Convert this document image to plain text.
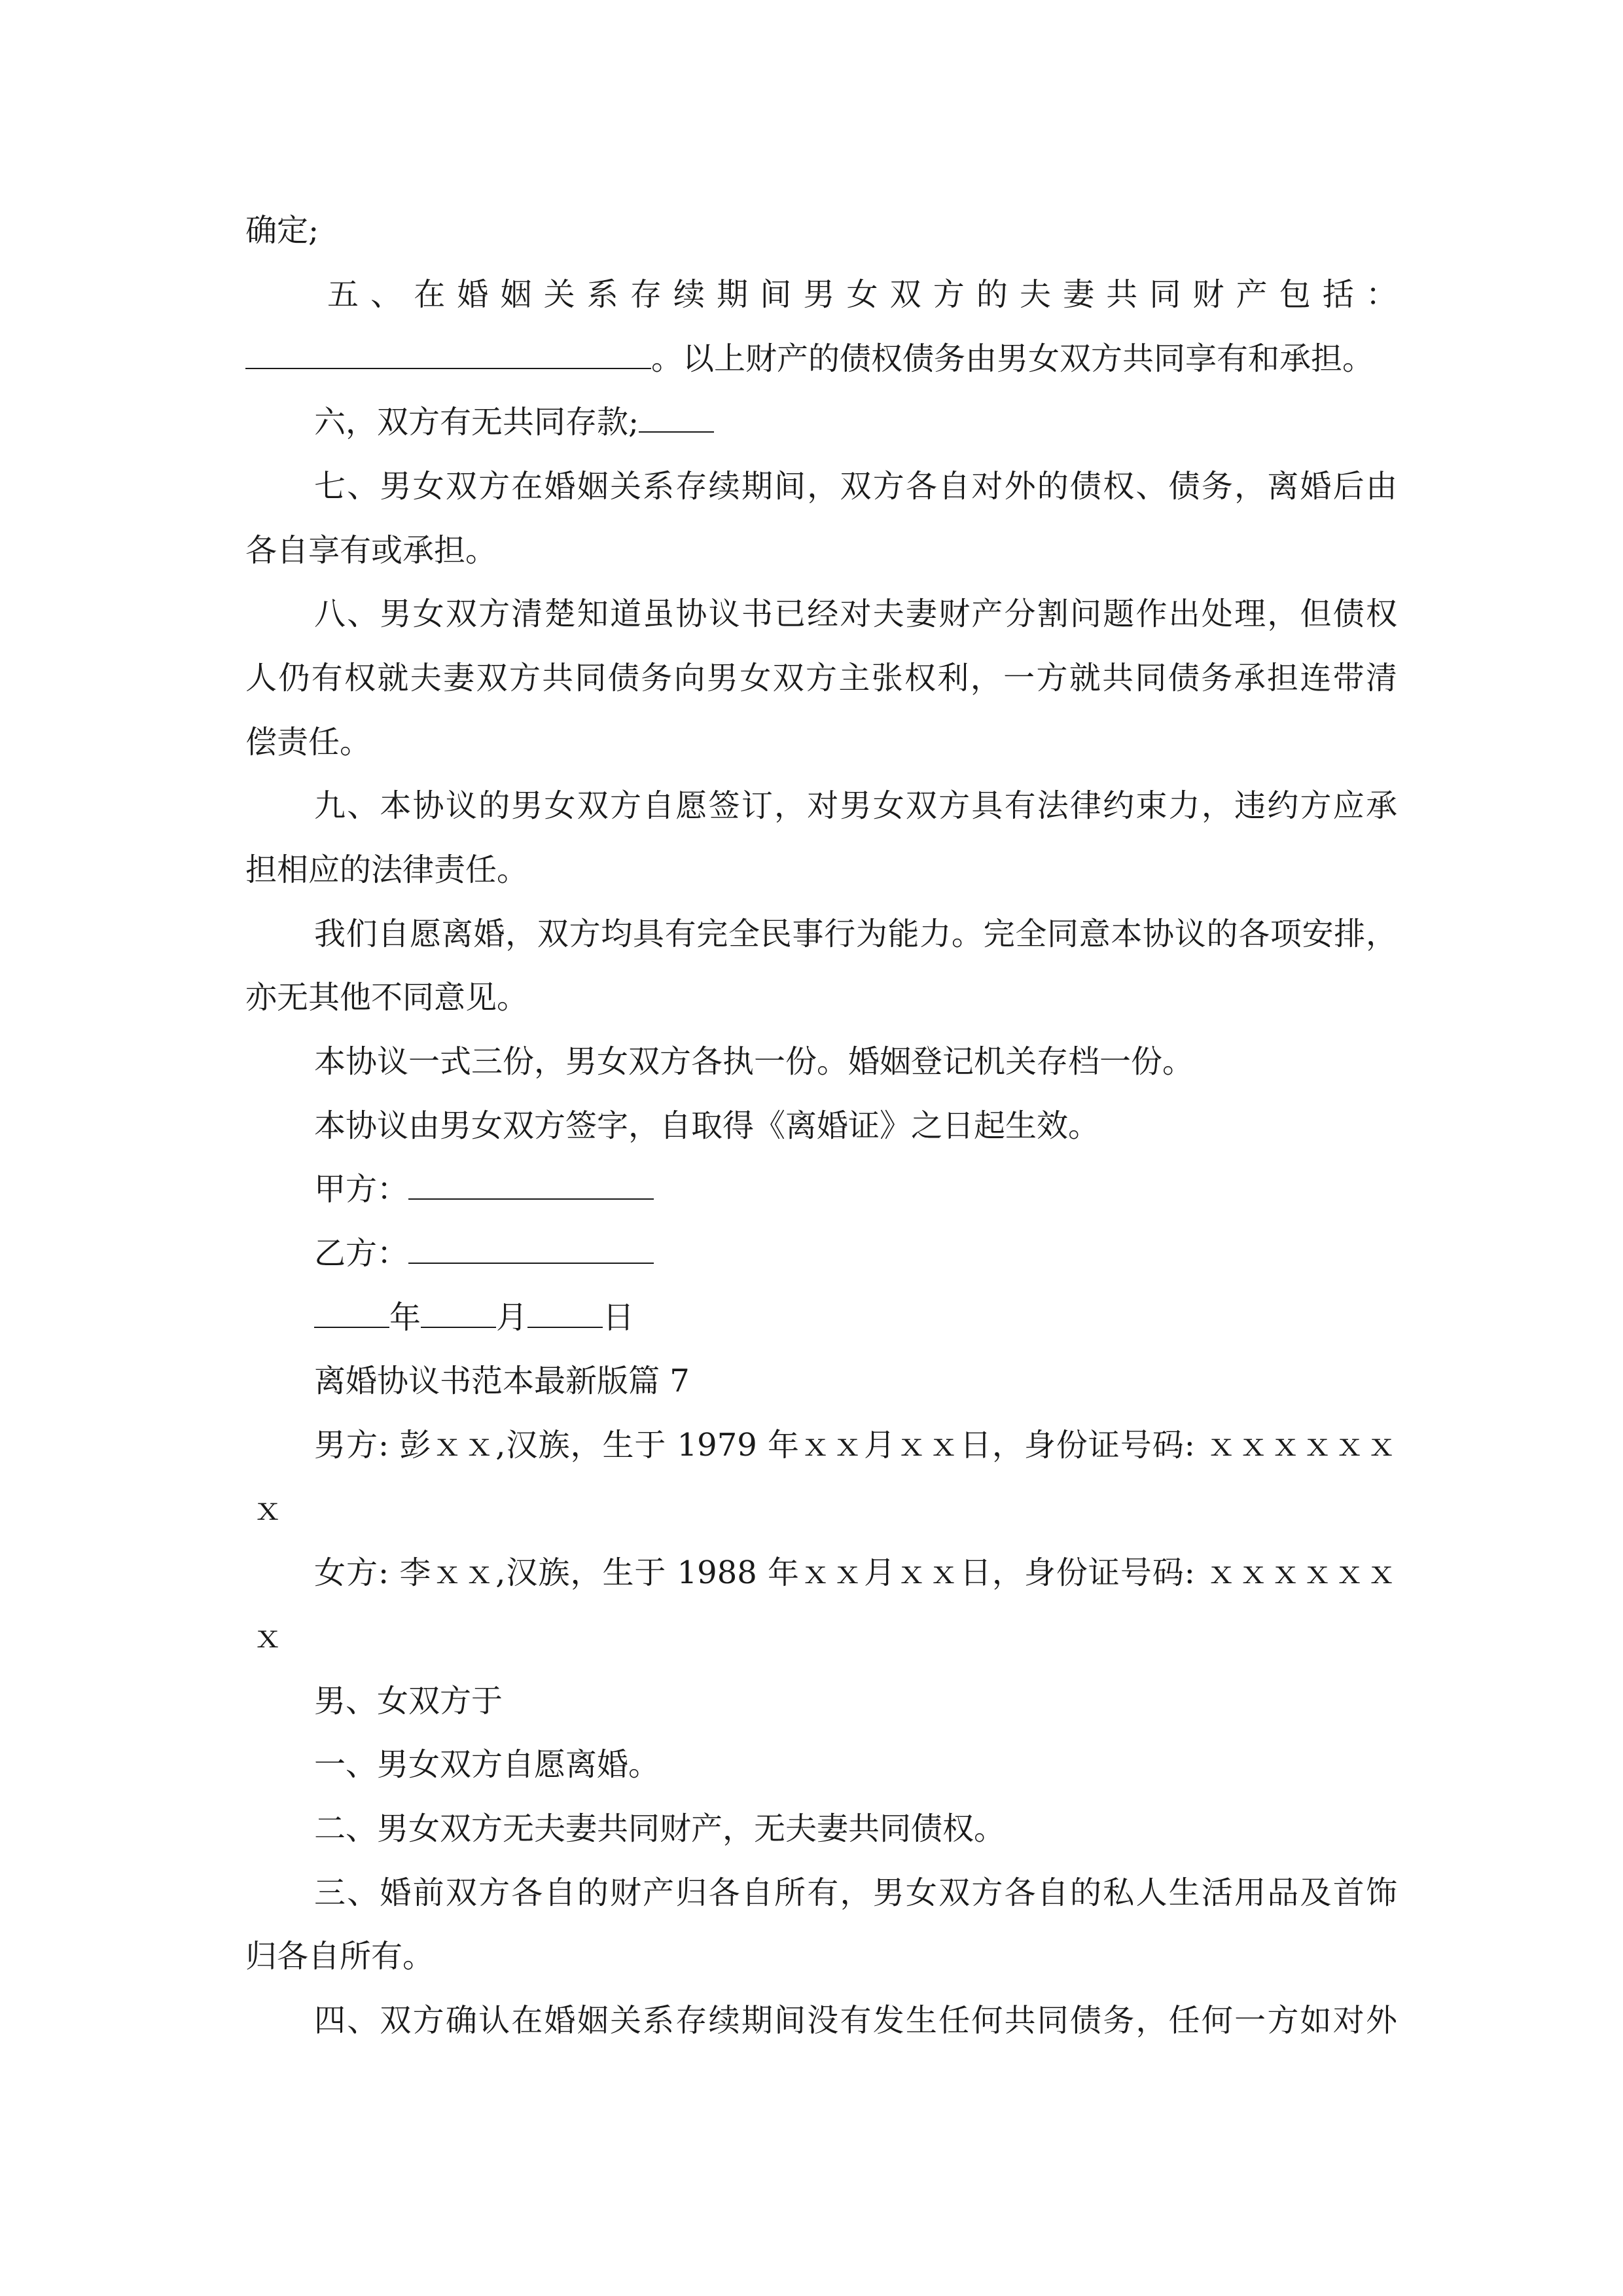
确定;
五、在婚姻关系存续期间男女双方的夫妻共同财产包括：
。以上财产的债权债务由男女双方共同享有和承担。
六，双方有无共同存款;
七、男女双方在婚姻关系存续期间，双方各自对外的债权、债务，离婚后由
各自享有或承担。
八、男女双方清楚知道虽协议书已经对夫妻财产分割问题作出处理，但债权
人仍有权就夫妻双方共同债务向男女双方主张权利，一方就共同债务承担连带清
偿责任。
九、本协议的男女双方自愿签订，对男女双方具有法律约束力，违约方应承
担相应的法律责任。
我们自愿离婚，双方均具有完全民事行为能力。完全同意本协议的各项安排，
亦无其他不同意见。
本协议一式三份，男女双方各执一份。婚姻登记机关存档一份。
本协议由男女双方签字，自取得《离婚证》之日起生效。
甲方：
乙方：
年 月 日
离婚协议书范本最新版篇 7
男方: 彭ｘｘ,汉族，生于 1979 年ｘｘ月ｘｘ日，身份证号码: ｘｘｘｘｘｘ
ｘ
女方: 李ｘｘ,汉族，生于 1988 年ｘｘ月ｘｘ日，身份证号码: ｘｘｘｘｘｘ
ｘ
男、女双方于
一、男女双方自愿离婚。
二、男女双方无夫妻共同财产，无夫妻共同债权。
三、婚前双方各自的财产归各自所有，男女双方各自的私人生活用品及首饰
归各自所有。
四、双方确认在婚姻关系存续期间没有发生任何共同债务，任何一方如对外
